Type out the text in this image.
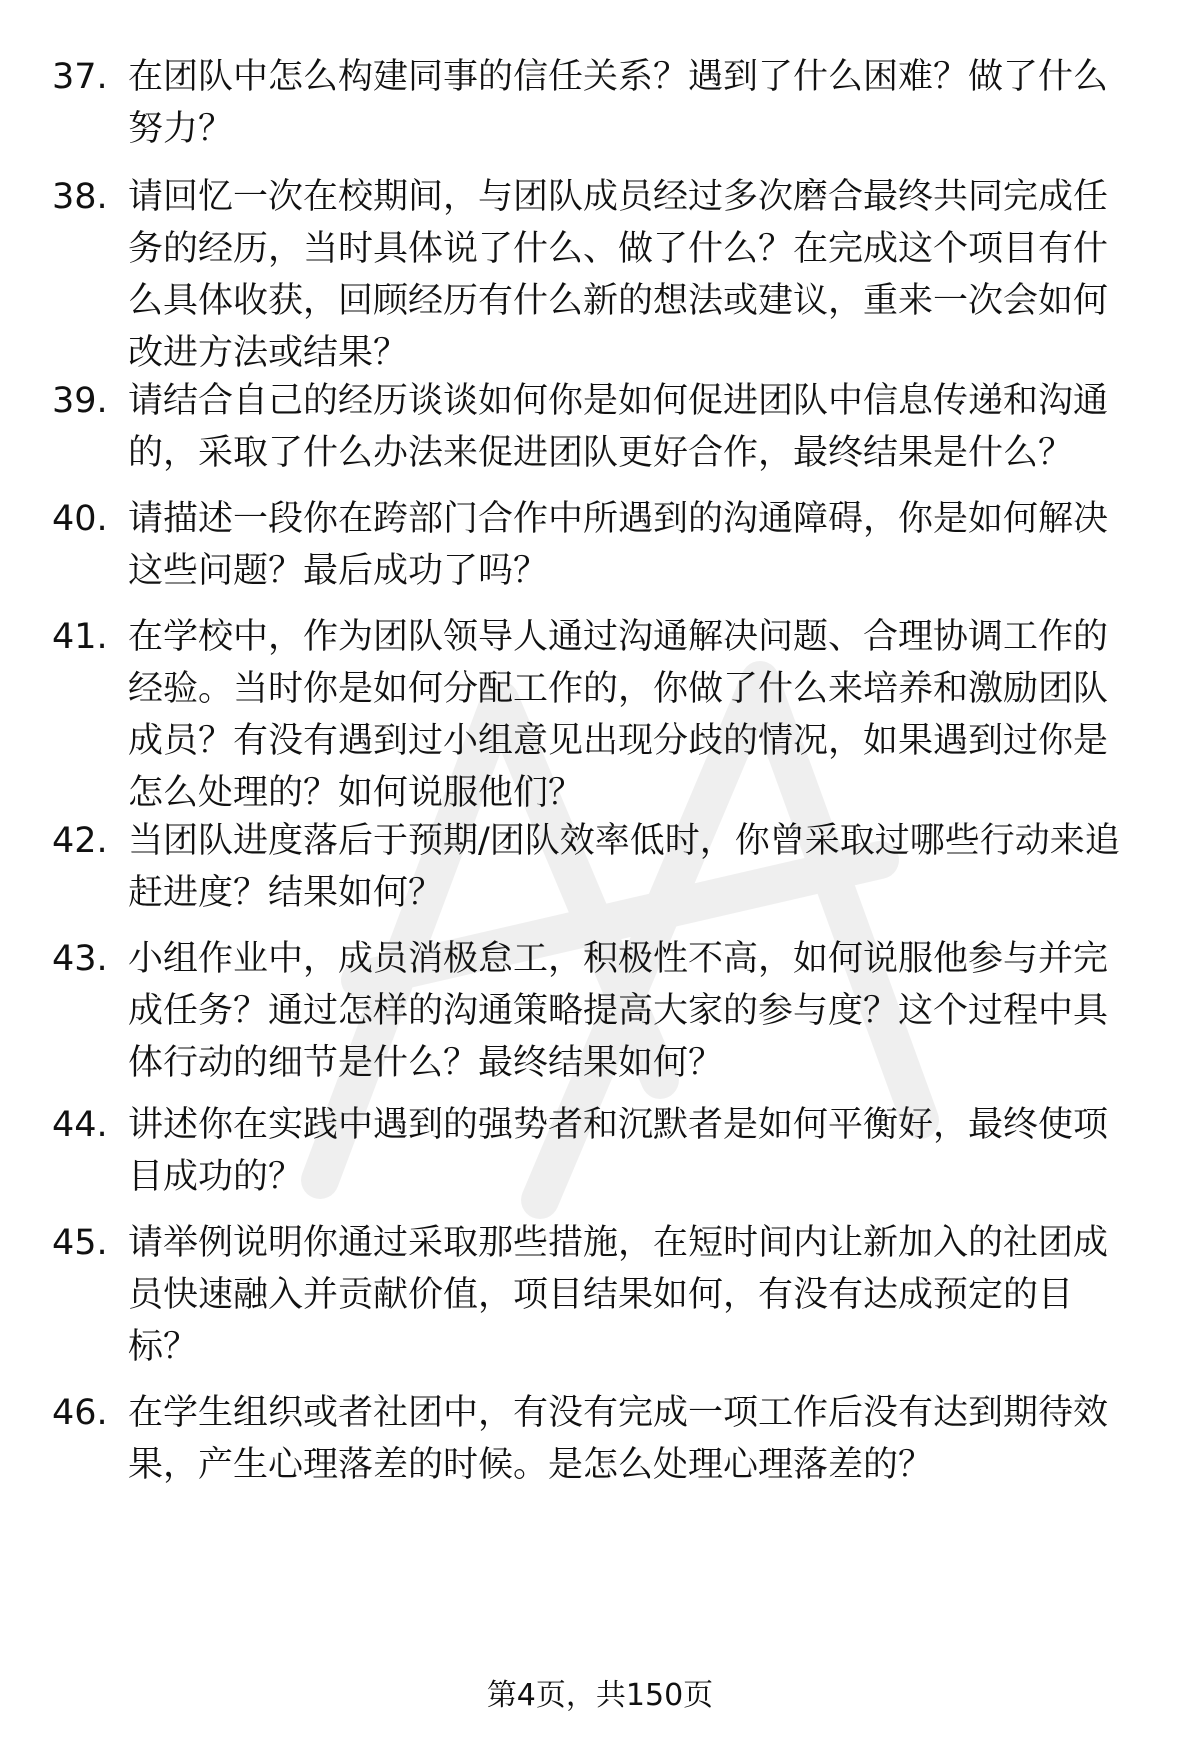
37. 在团队中怎么构建同事的信任关系？遇到了什么困难？做了什么
努力？
38. 请回忆一次在校期间，与团队成员经过多次磨合最终共同完成任
务的经历，当时具体说了什么、做了什么？在完成这个项目有什
么具体收获，回顾经历有什么新的想法或建议，重来一次会如何
改进方法或结果？
39. 请结合自己的经历谈谈如何你是如何促进团队中信息传递和沟通
的，采取了什么办法来促进团队更好合作，最终结果是什么？
40. 请描述一段你在跨部门合作中所遇到的沟通障碍，你是如何解决
这些问题？最后成功了吗？
41. 在学校中，作为团队领导人通过沟通解决问题、合理协调工作的
经验。当时你是如何分配工作的，你做了什么来培养和激励团队
成员？有没有遇到过小组意见出现分歧的情况，如果遇到过你是
怎么处理的？如何说服他们？
42. 当团队进度落后于预期/团队效率低时，你曾采取过哪些行动来追
赶进度？结果如何？
43. 小组作业中，成员消极怠工，积极性不高，如何说服他参与并完
成任务？通过怎样的沟通策略提高大家的参与度？这个过程中具
体行动的细节是什么？最终结果如何？
44. 讲述你在实践中遇到的强势者和沉默者是如何平衡好，最终使项
目成功的？
45. 请举例说明你通过采取那些措施，在短时间内让新加入的社团成
员快速融入并贡献价值，项目结果如何，有没有达成预定的目
标？
46. 在学生组织或者社团中，有没有完成一项工作后没有达到期待效
果，产生心理落差的时候。是怎么处理心理落差的？
第4页，共150页
